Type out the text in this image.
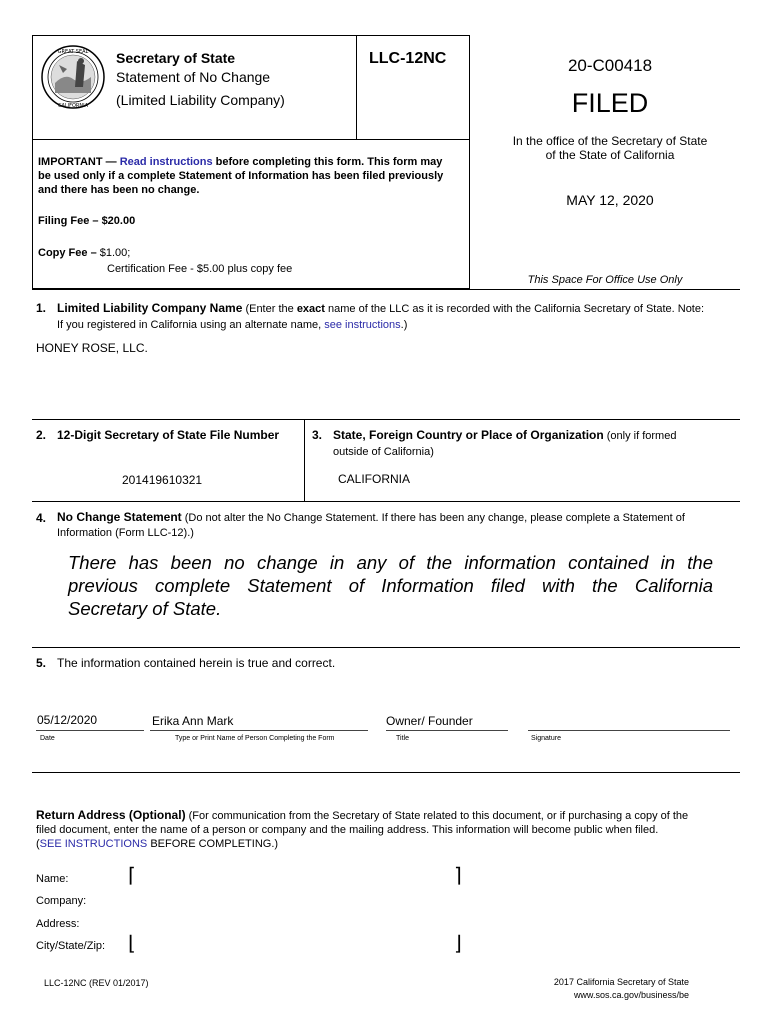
GREAT SEAL
CALIFORNIA
Secretary of State
Statement of No Change
(Limited Liability Company)
LLC-12NC
IMPORTANT — Read instructions before completing this form. This form may
be used only if a complete Statement of Information has been filed previously
and there has been no change.
Filing Fee – $20.00
Copy Fee – $1.00;
Certification Fee - $5.00 plus copy fee
20-C00418
FILED
In the office of the Secretary of State
of the State of California
MAY 12, 2020
This Space For Office Use Only
1. Limited Liability Company Name (Enter the exact name of the LLC as it is recorded with the California Secretary of State. Note:
If you registered in California using an alternate name, see instructions.)
HONEY ROSE, LLC.
2. 12-Digit Secretary of State File Number
201419610321
3. State, Foreign Country or Place of Organization (only if formed
outside of California)
CALIFORNIA
4. No Change Statement (Do not alter the No Change Statement. If there has been any change, please complete a Statement of
Information (Form LLC-12).)
There has been no change in any of the information contained in the
previous complete Statement of Information filed with the California
Secretary of State.
5. The information contained herein is true and correct.
05/12/2020	Erika Ann Mark	Owner/ Founder
Date	Type or Print Name of Person Completing the Form	Title	Signature
Return Address (Optional) (For communication from the Secretary of State related to this document, or if purchasing a copy of the
filed document, enter the name of a person or company and the mailing address. This information will become public when filed.
(SEE INSTRUCTIONS BEFORE COMPLETING.)
Name:
Company:
Address:
City/State/Zip:
⌈	⌉
⌊	⌋
LLC-12NC (REV 01/2017)	2017 California Secretary of State
www.sos.ca.gov/business/be
